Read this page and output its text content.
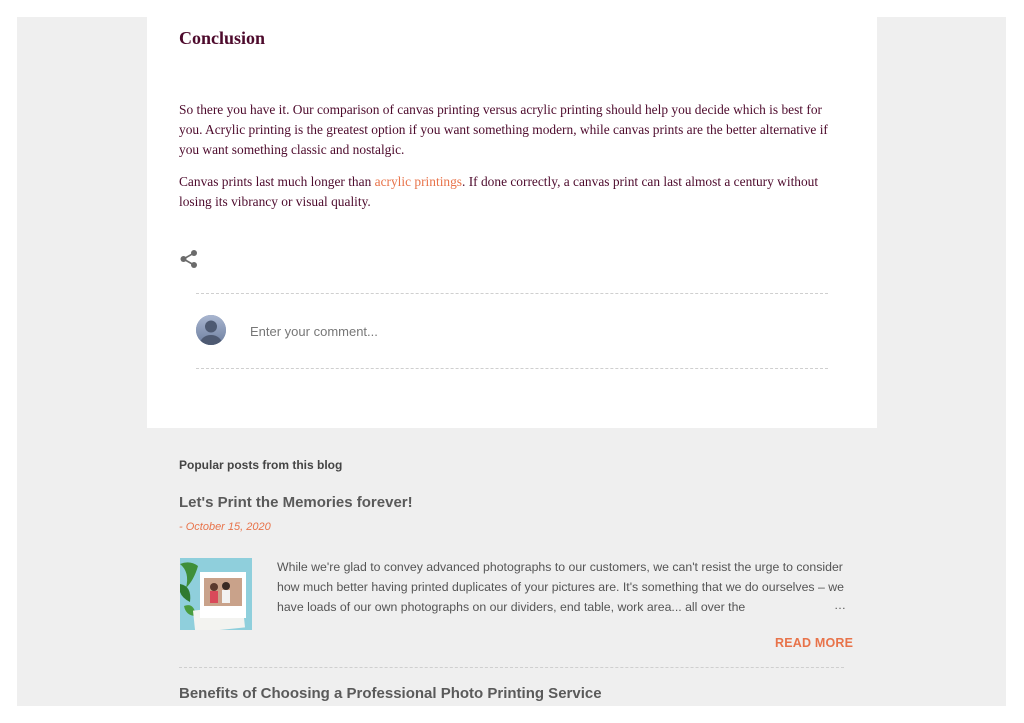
Conclusion

So there you have it. Our comparison of canvas printing versus acrylic printing should help you decide which is best for you. Acrylic printing is the greatest option if you want something modern, while canvas prints are the better alternative if you want something classic and nostalgic.

Canvas prints last much longer than acrylic printings. If done correctly, a canvas print can last almost a century without losing its vibrancy or visual quality.

Enter your comment...
Popular posts from this blog
Let's Print the Memories forever!
- October 15, 2020
While we're glad to convey advanced photographs to our customers, we can't resist the urge to consider how much better having printed duplicates of your pictures are. It's something that we do ourselves – we have loads of our own photographs on our dividers, end table, work area... all over the	…
READ MORE
Benefits of Choosing a Professional Photo Printing Service
